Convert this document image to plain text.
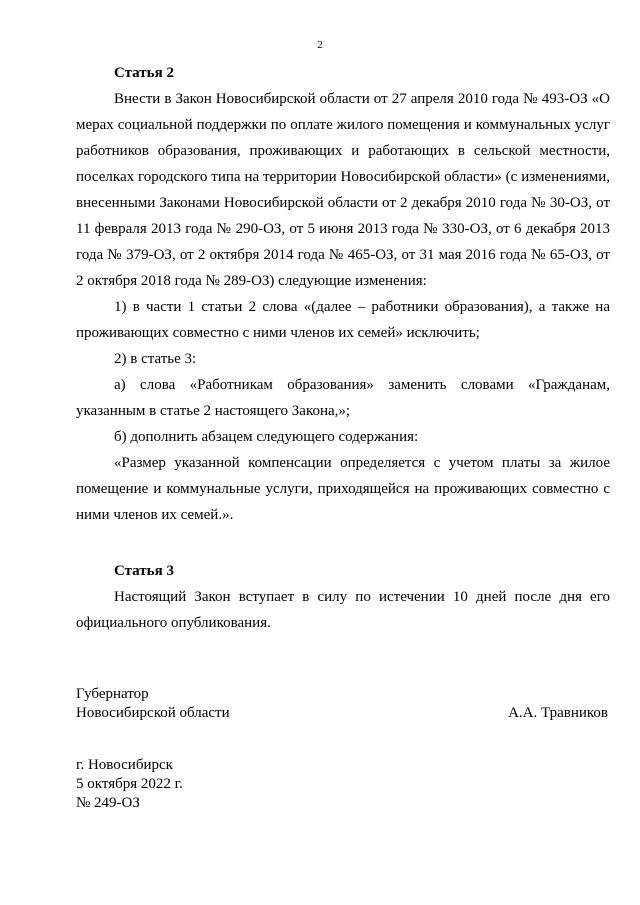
2

Статья 2

Внести в Закон Новосибирской области от 27 апреля 2010 года № 493-ОЗ «О мерах социальной поддержки по оплате жилого помещения и коммунальных услуг работников образования, проживающих и работающих в сельской местности, поселках городского типа на территории Новосибирской области» (с изменениями, внесенными Законами Новосибирской области от 2 декабря 2010 года № 30-ОЗ, от 11 февраля 2013 года № 290-ОЗ, от 5 июня 2013 года № 330-ОЗ, от 6 декабря 2013 года № 379-ОЗ, от 2 октября 2014 года № 465-ОЗ, от 31 мая 2016 года № 65-ОЗ, от 2 октября 2018 года № 289-ОЗ) следующие изменения:

1) в части 1 статьи 2 слова «(далее – работники образования), а также на проживающих совместно с ними членов их семей» исключить;

2) в статье 3:

а) слова «Работникам образования» заменить словами «Гражданам, указанным в статье 2 настоящего Закона,»;

б) дополнить абзацем следующего содержания:

«Размер указанной компенсации определяется с учетом платы за жилое помещение и коммунальные услуги, приходящейся на проживающих совместно с ними членов их семей.».

Статья 3

Настоящий Закон вступает в силу по истечении 10 дней после дня его официального опубликования.

Губернатор
Новосибирской области	А.А. Травников
г. Новосибирск
5 октября 2022 г.
№ 249-ОЗ
